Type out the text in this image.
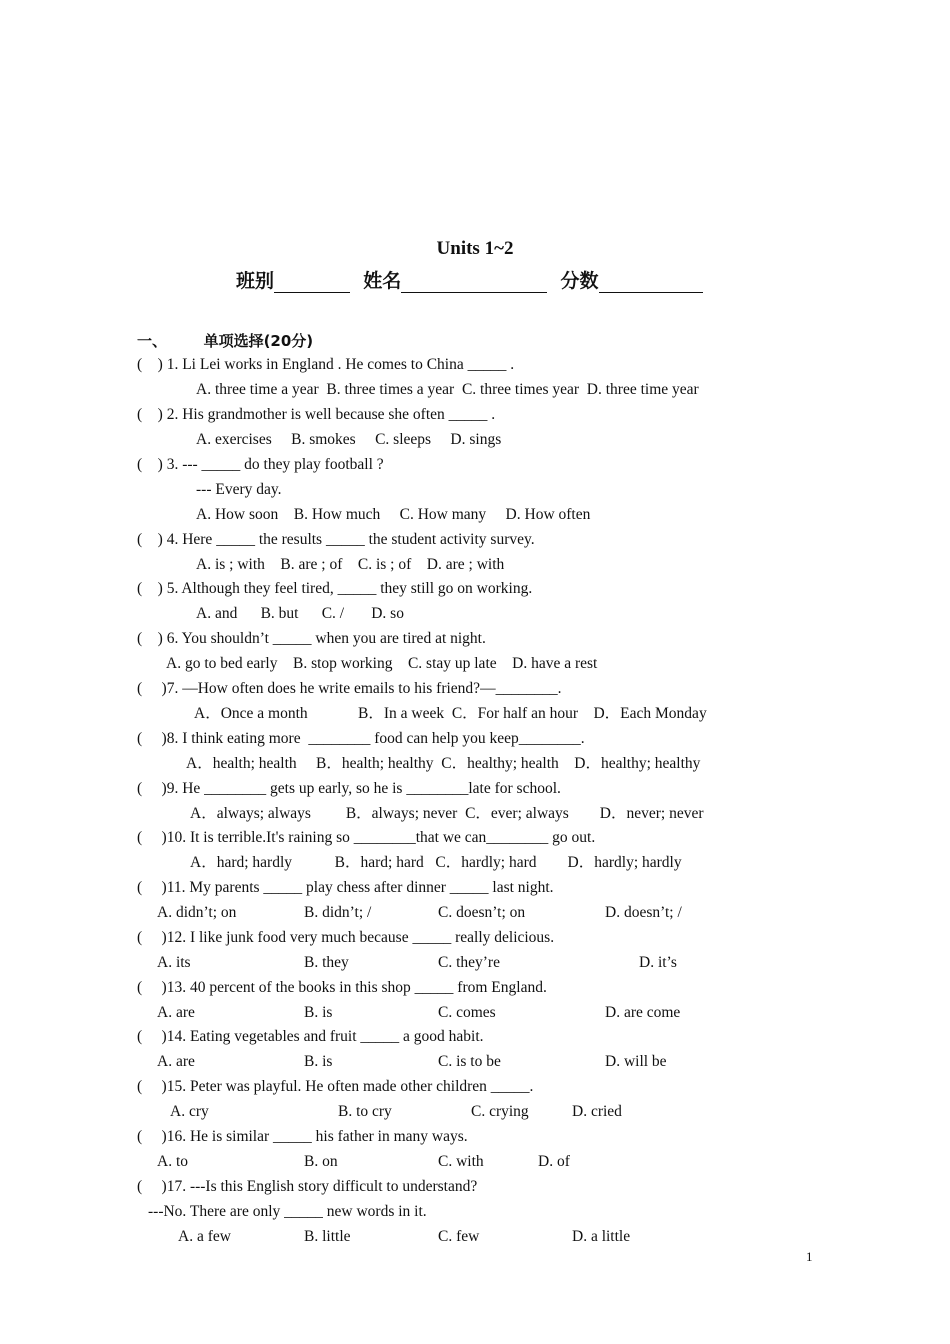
Units 1~2
班别	姓名	分数
一、 单项选择(20分)
(    ) 1. Li Lei works in England . He comes to China _____ .
A. three time a year  B. three times a year  C. three times year  D. three time year
(    ) 2. His grandmother is well because she often _____ .
A. exercises     B. smokes     C. sleeps     D. sings
(    ) 3. --- _____ do they play football ?
--- Every day.
A. How soon    B. How much     C. How many     D. How often
(    ) 4. Here _____ the results _____ the student activity survey.
A. is ; with    B. are ; of    C. is ; of    D. are ; with
(    ) 5. Although they feel tired, _____ they still go on working.
A. and      B. but      C. /       D. so
(    ) 6. You shouldn’t _____ when you are tired at night.
A. go to bed early    B. stop working    C. stay up late    D. have a rest
(     )7. —How often does he write emails to his friend?—________.
A．Once a month             B．In a week  C．For half an hour    D．Each Monday
(     )8. I think eating more  ________ food can help you keep________.
A．health; health     B．health; healthy  C．healthy; health    D．healthy; healthy
(     )9. He ________ gets up early, so he is ________late for school.
A．always; always         B．always; never  C．ever; always        D．never; never
(     )10. It is terrible.It's raining so ________that we can________ go out.
A．hard; hardly           B．hard; hard   C．hardly; hard        D．hardly; hardly
(     )11. My parents _____ play chess after dinner _____ last night.
A. didn’t; on	B. didn’t; /	C. doesn’t; on	D. doesn’t; /
(     )12. I like junk food very much because _____ really delicious.
A. its	B. they	C. they’re	D. it’s
(     )13. 40 percent of the books in this shop _____ from England.
A. are	B. is	C. comes	D. are come
(     )14. Eating vegetables and fruit _____ a good habit.
A. are	B. is	C. is to be	D. will be
(     )15. Peter was playful. He often made other children _____.
A. cry	B. to cry	C. crying	D. cried
(     )16. He is similar _____ his father in many ways.
A. to	B. on	C. with	D. of
(     )17. ---Is this English story difficult to understand?
---No. There are only _____ new words in it.
A. a few	B. little	C. few	D. a little
1
